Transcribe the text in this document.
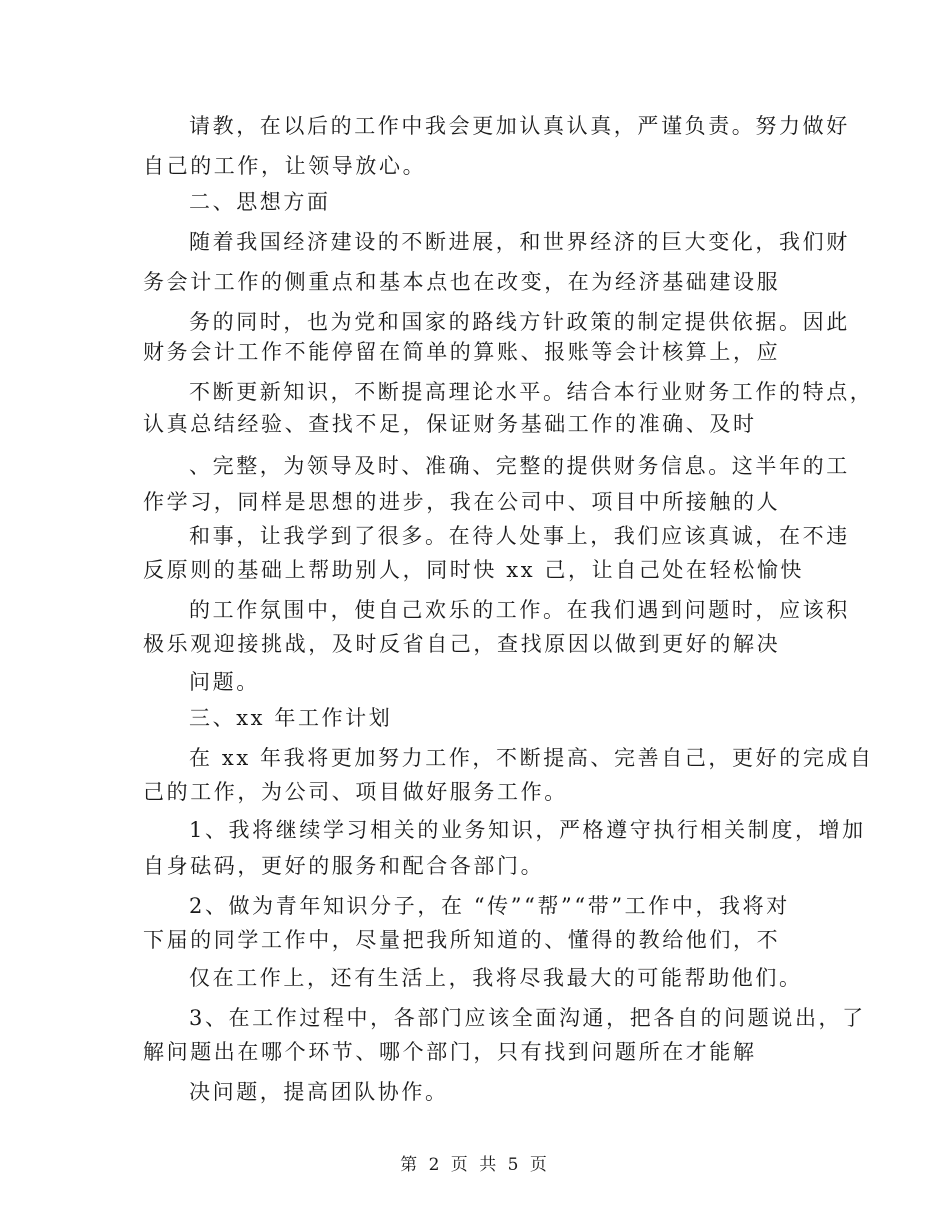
请教，在以后的工作中我会更加认真认真，严谨负责。努力做好
自己的工作，让领导放心。
二、思想方面
随着我国经济建设的不断进展，和世界经济的巨大变化，我们财
务会计工作的侧重点和基本点也在改变，在为经济基础建设服
务的同时，也为党和国家的路线方针政策的制定提供依据。因此
财务会计工作不能停留在简单的算账、报账等会计核算上，应
不断更新知识，不断提高理论水平。结合本行业财务工作的特点，
认真总结经验、查找不足，保证财务基础工作的准确、及时
、完整，为领导及时、准确、完整的提供财务信息。这半年的工
作学习，同样是思想的进步，我在公司中、项目中所接触的人
和事，让我学到了很多。在待人处事上，我们应该真诚，在不违
反原则的基础上帮助别人，同时快 xx 己，让自己处在轻松愉快
的工作氛围中，使自己欢乐的工作。在我们遇到问题时，应该积
极乐观迎接挑战，及时反省自己，查找原因以做到更好的解决
问题。
三、xx 年工作计划
在 xx 年我将更加努力工作，不断提高、完善自己，更好的完成自
己的工作，为公司、项目做好服务工作。
1、我将继续学习相关的业务知识，严格遵守执行相关制度，增加
自身砝码，更好的服务和配合各部门。
2、做为青年知识分子，在 “传”“帮”“带”工作中，我将对
下届的同学工作中，尽量把我所知道的、懂得的教给他们，不
仅在工作上，还有生活上，我将尽我最大的可能帮助他们。
3、在工作过程中，各部门应该全面沟通，把各自的问题说出，了
解问题出在哪个环节、哪个部门，只有找到问题所在才能解
决问题，提高团队协作。
第 2 页 共 5 页
